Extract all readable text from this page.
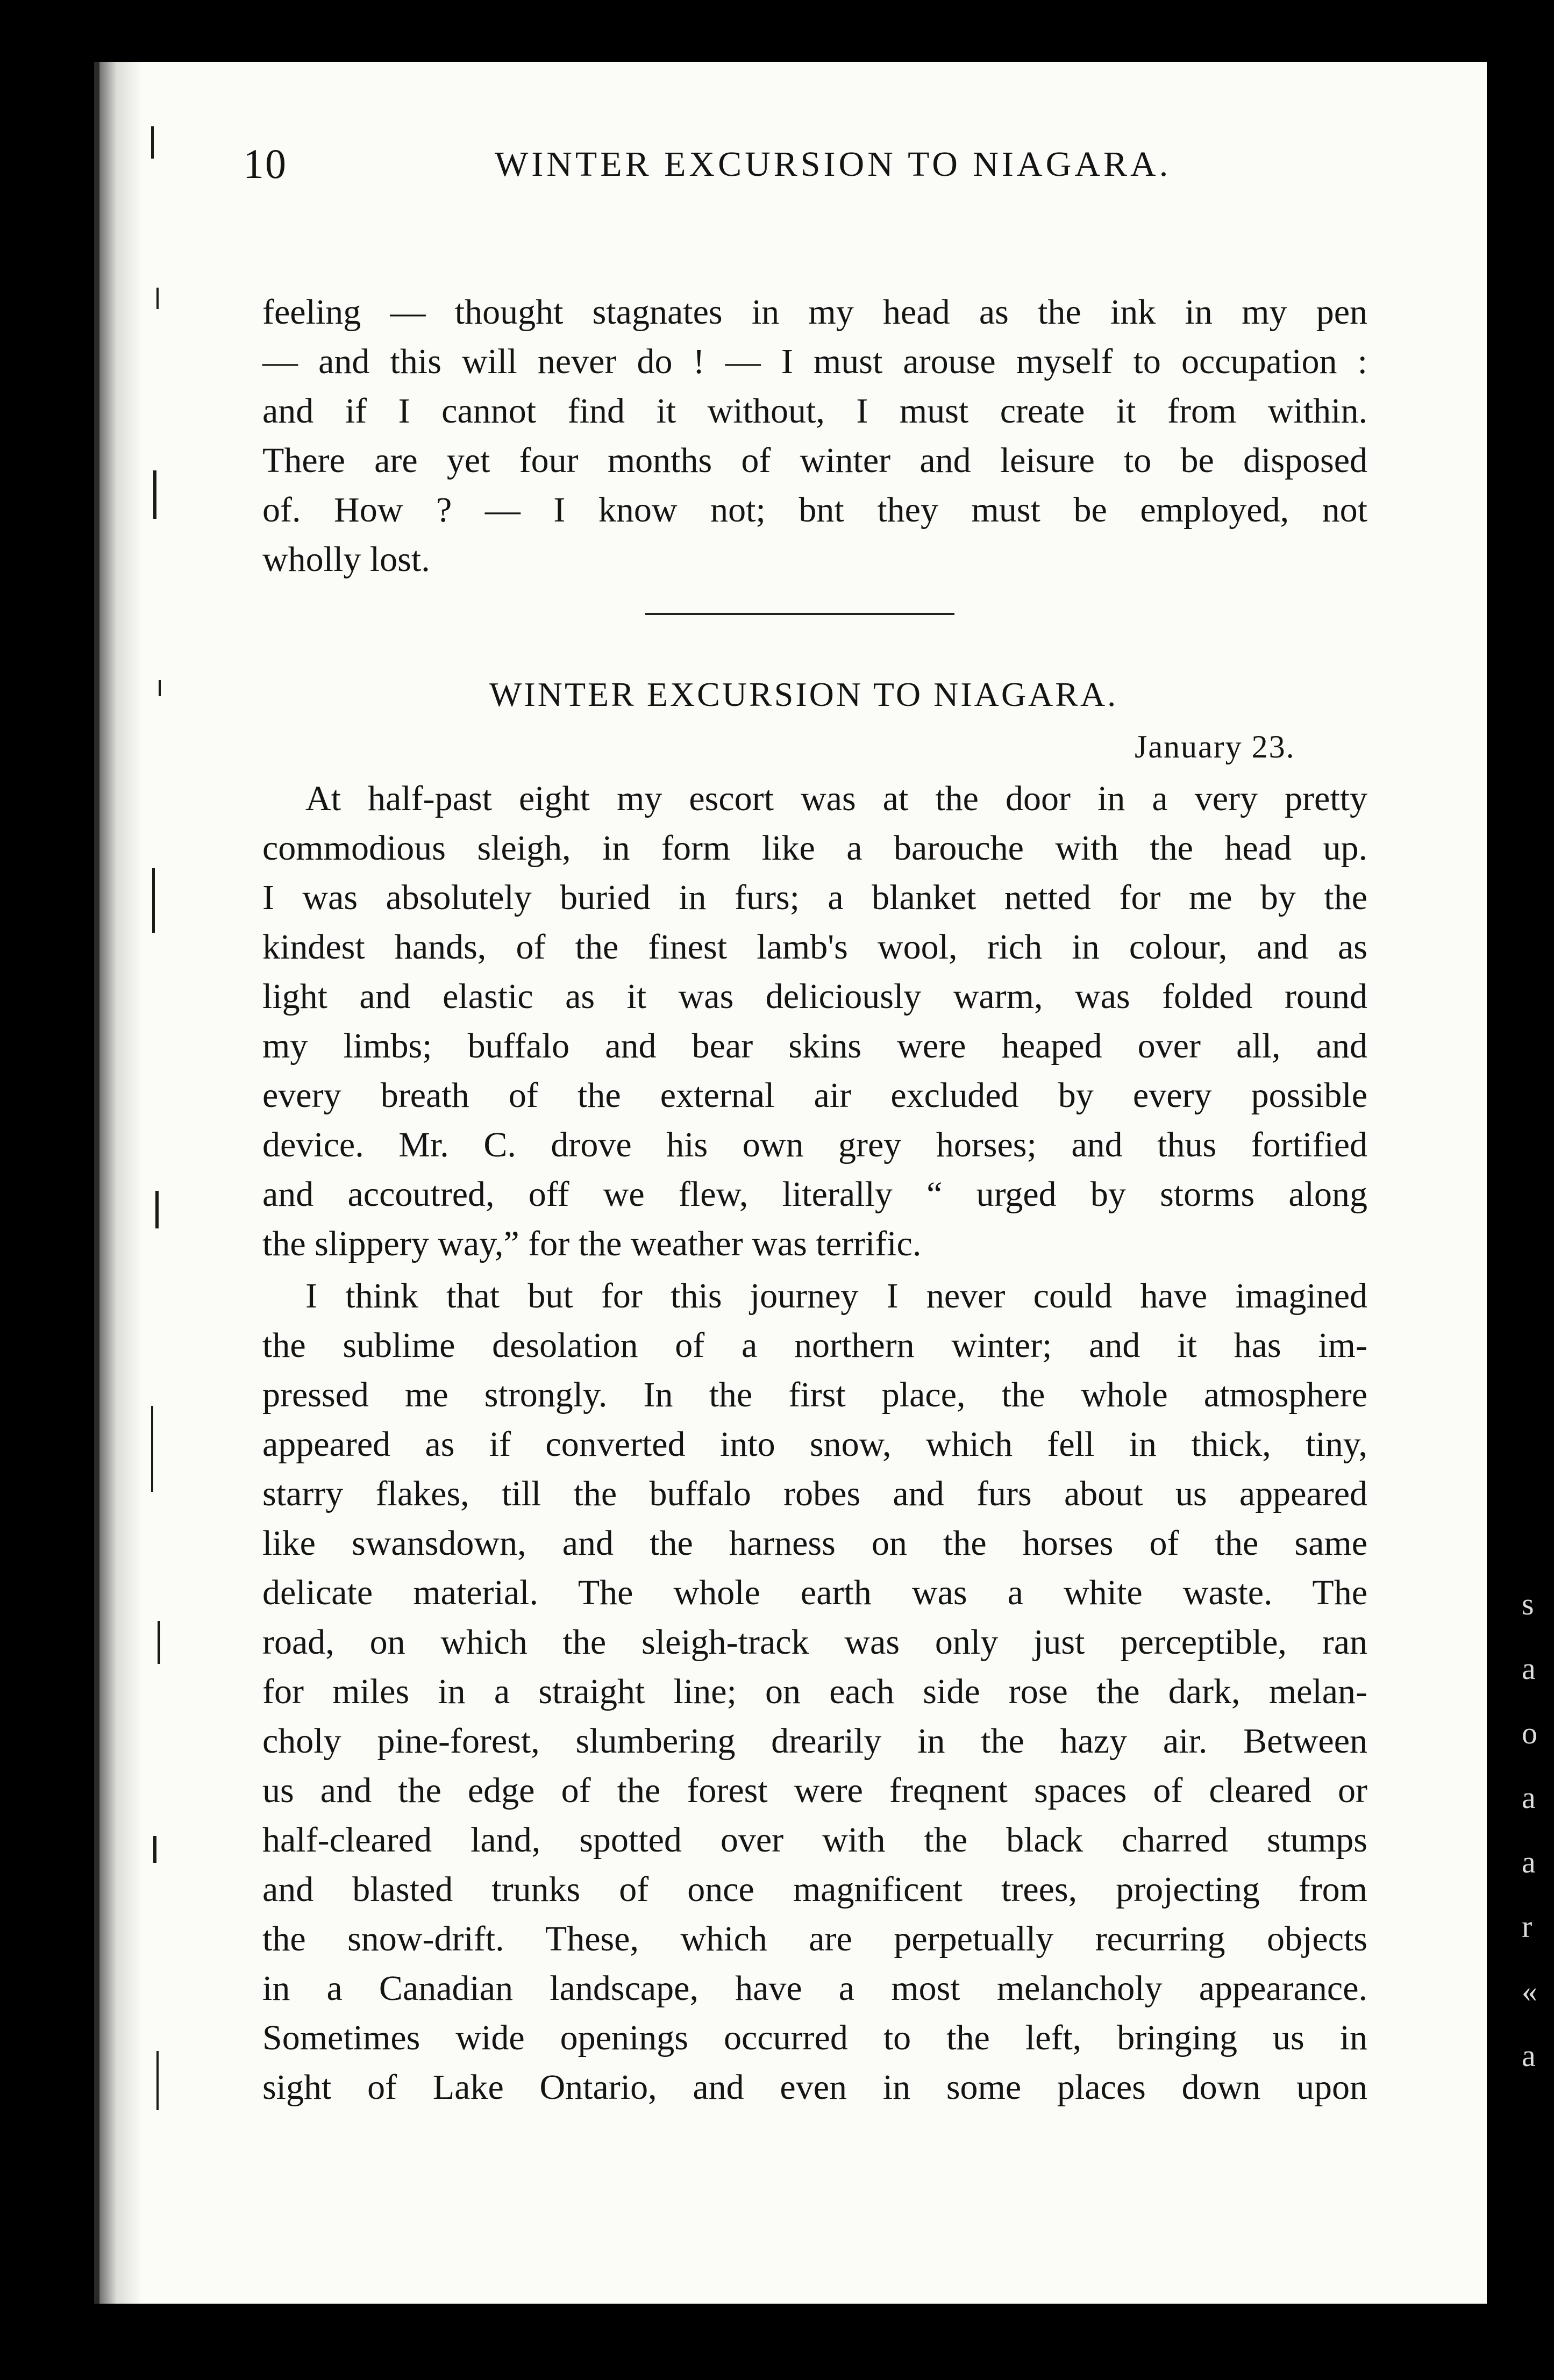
s
a
o
a
a
r
«
a
10	WINTER EXCURSION TO NIAGARA.
feeling — thought stagnates in my head as the ink in my pen
— and this will never do ! — I must arouse myself to occupation :
and if I cannot find it without, I must create it from within.
There are yet four months of winter and leisure to be disposed
of. How ? — I know not; bnt they must be employed, not
wholly lost.
WINTER EXCURSION TO NIAGARA.
January 23.
At half-past eight my escort was at the door in a very pretty
commodious sleigh, in form like a barouche with the head up.
I was absolutely buried in furs; a blanket netted for me by the
kindest hands, of the finest lamb's wool, rich in colour, and as
light and elastic as it was deliciously warm, was folded round
my limbs; buffalo and bear skins were heaped over all, and
every breath of the external air excluded by every possible
device. Mr. C. drove his own grey horses; and thus fortified
and accoutred, off we flew, literally “ urged by storms along
the slippery way,” for the weather was terrific.
I think that but for this journey I never could have imagined
the sublime desolation of a northern winter; and it has im-
pressed me strongly. In the first place, the whole atmosphere
appeared as if converted into snow, which fell in thick, tiny,
starry flakes, till the buffalo robes and furs about us appeared
like swansdown, and the harness on the horses of the same
delicate material. The whole earth was a white waste. The
road, on which the sleigh-track was only just perceptible, ran
for miles in a straight line; on each side rose the dark, melan-
choly pine-forest, slumbering drearily in the hazy air. Between
us and the edge of the forest were freqnent spaces of cleared or
half-cleared land, spotted over with the black charred stumps
and blasted trunks of once magnificent trees, projecting from
the snow-drift. These, which are perpetually recurring objects
in a Canadian landscape, have a most melancholy appearance.
Sometimes wide openings occurred to the left, bringing us in
sight of Lake Ontario, and even in some places down upon
